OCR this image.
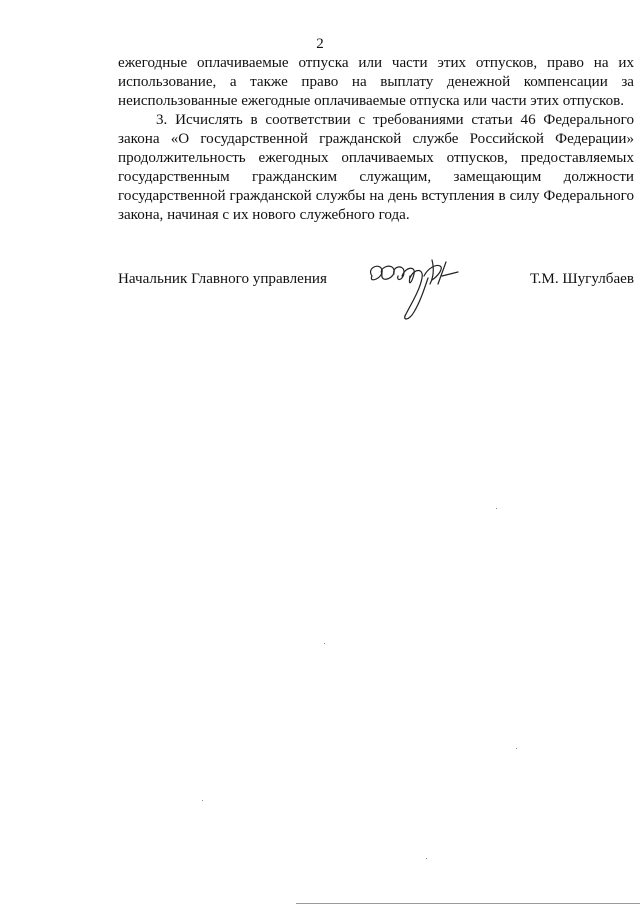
2

ежегодные оплачиваемые отпуска или части этих отпусков, право на их использование, а также право на выплату денежной компенсации за неиспользованные ежегодные оплачиваемые отпуска или части этих отпусков.

3. Исчислять в соответствии с требованиями статьи 46 Федерального закона «О государственной гражданской службе Российской Федерации» продолжительность ежегодных оплачиваемых отпусков, предоставляемых государственным гражданским служащим, замещающим должности государственной гражданской службы на день вступления в силу Федерального закона, начиная с их нового служебного года.

Начальник Главного управления	Т.М. Шугулбаев
